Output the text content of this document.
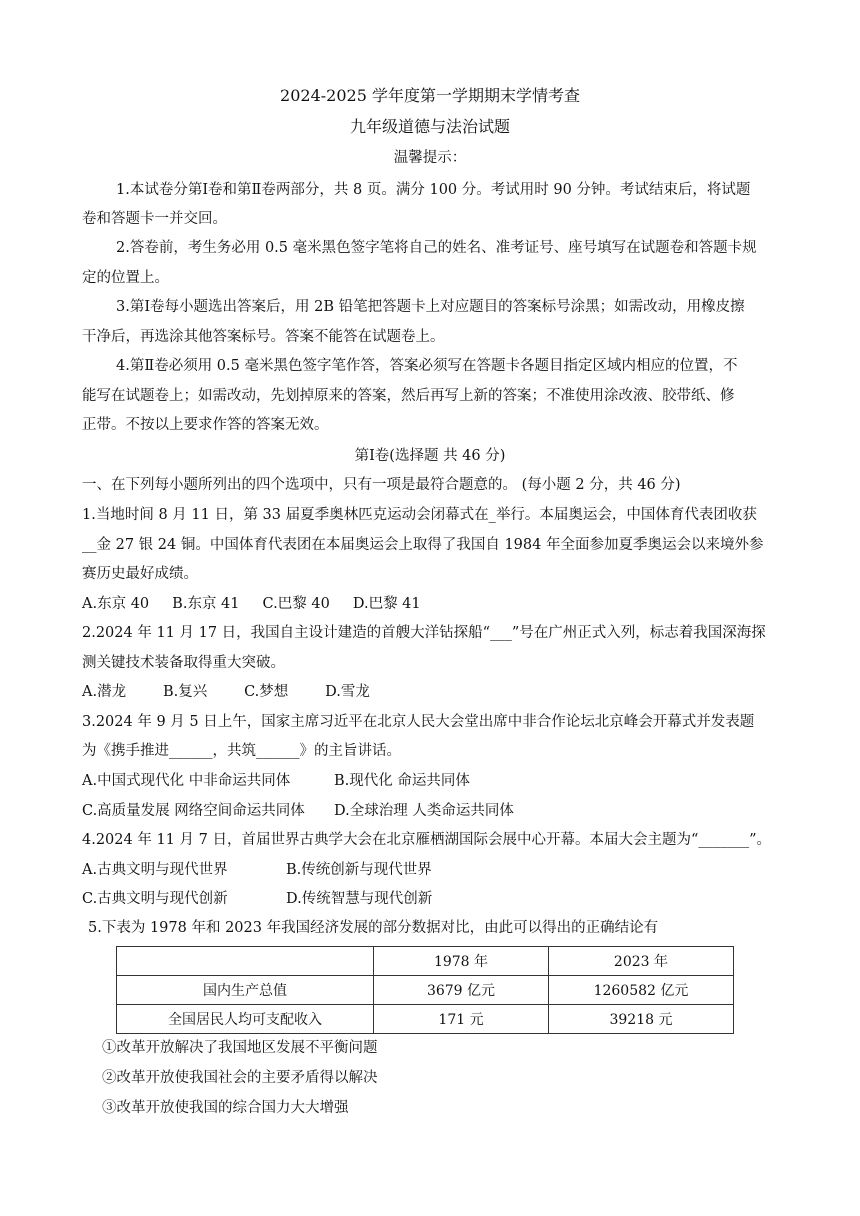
2024-2025 学年度第一学期期末学情考查
九年级道德与法治试题
温馨提示：
1.本试卷分第Ⅰ卷和第Ⅱ卷两部分，共 8 页。满分 100 分。考试用时 90 分钟。考试结束后，将试题
卷和答题卡一并交回。
2.答卷前，考生务必用 0.5 毫米黑色签字笔将自己的姓名、准考证号、座号填写在试题卷和答题卡规
定的位置上。
3.第Ⅰ卷每小题选出答案后，用 2B 铅笔把答题卡上对应题目的答案标号涂黑；如需改动，用橡皮擦
干净后，再选涂其他答案标号。答案不能答在试题卷上。
4.第Ⅱ卷必须用 0.5 毫米黑色签字笔作答，答案必须写在答题卡各题目指定区域内相应的位置，不
能写在试题卷上；如需改动，先划掉原来的答案，然后再写上新的答案；不准使用涂改液、胶带纸、修
正带。不按以上要求作答的答案无效。
第Ⅰ卷(选择题 共 46 分)
一、在下列每小题所列出的四个选项中，只有一项是最符合题意的。 (每小题 2 分，共 46 分)
1.当地时间 8 月 11 日，第 33 届夏季奥林匹克运动会闭幕式在_举行。本届奥运会，中国体育代表团收获
__金 27 银 24 铜。中国体育代表团在本届奥运会上取得了我国自 1984 年全面参加夏季奥运会以来境外参
赛历史最好成绩。
A.东京 40     B.东京 41     C.巴黎 40     D.巴黎 41
2.2024 年 11 月 17 日，我国自主设计建造的首艘大洋钻探船“___”号在广州正式入列，标志着我国深海探
测关键技术装备取得重大突破。
A.潜龙        B.复兴        C.梦想        D.雪龙
3.2024 年 9 月 5 日上午，国家主席习近平在北京人民大会堂出席中非合作论坛北京峰会开幕式并发表题
为《携手推进______，共筑______》的主旨讲话。
A.中国式现代化 中非命运共同体	B.现代化 命运共同体
C.高质量发展 网络空间命运共同体 D.全球治理 人类命运共同体
4.2024 年 11 月 7 日，首届世界古典学大会在北京雁栖湖国际会展中心开幕。本届大会主题为“_______”。
A.古典文明与现代世界	B.传统创新与现代世界
C.古典文明与现代创新	D.传统智慧与现代创新
5.下表为 1978 年和 2023 年我国经济发展的部分数据对比，由此可以得出的正确结论有
	1978 年	2023 年
国内生产总值	3679 亿元	1260582 亿元
全国居民人均可支配收入	171 元	39218 元
①改革开放解决了我国地区发展不平衡问题
②改革开放使我国社会的主要矛盾得以解决
③改革开放使我国的综合国力大大增强
